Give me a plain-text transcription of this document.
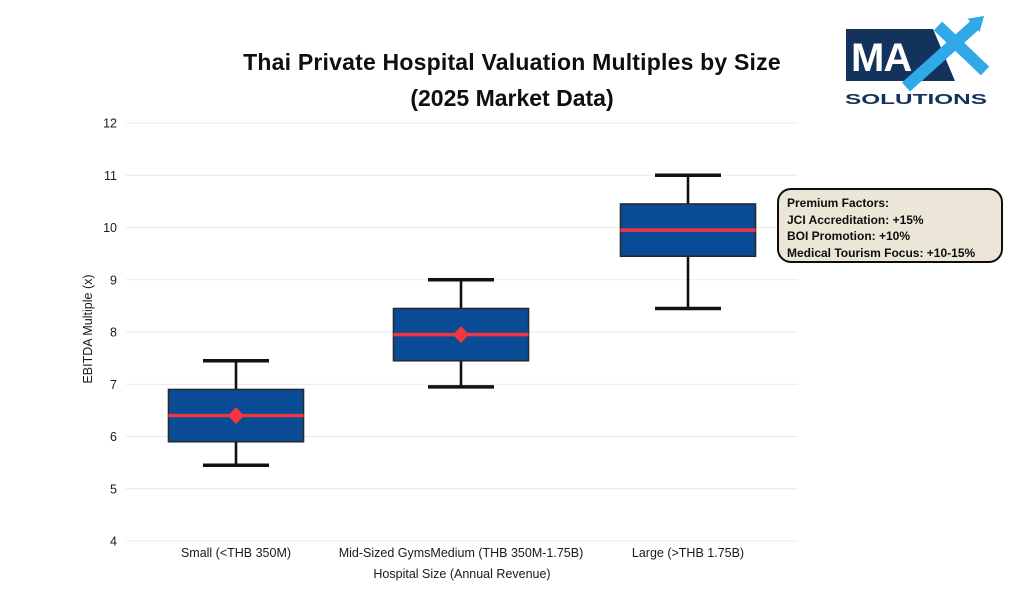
Thai Private Hospital Valuation Multiples by Size
(2025 Market Data)
MA
SOLUTIONS
12
11
10
9
8
7
6
5
4
Small (<THB 350M)	Mid-Sized GymsMedium (THB 350M-1.75B)	Large (>THB 1.75B)
EBITDA Multiple (x)
Hospital Size (Annual Revenue)
Premium Factors:
JCI Accreditation: +15%
BOI Promotion: +10%
Medical Tourism Focus: +10-15%
